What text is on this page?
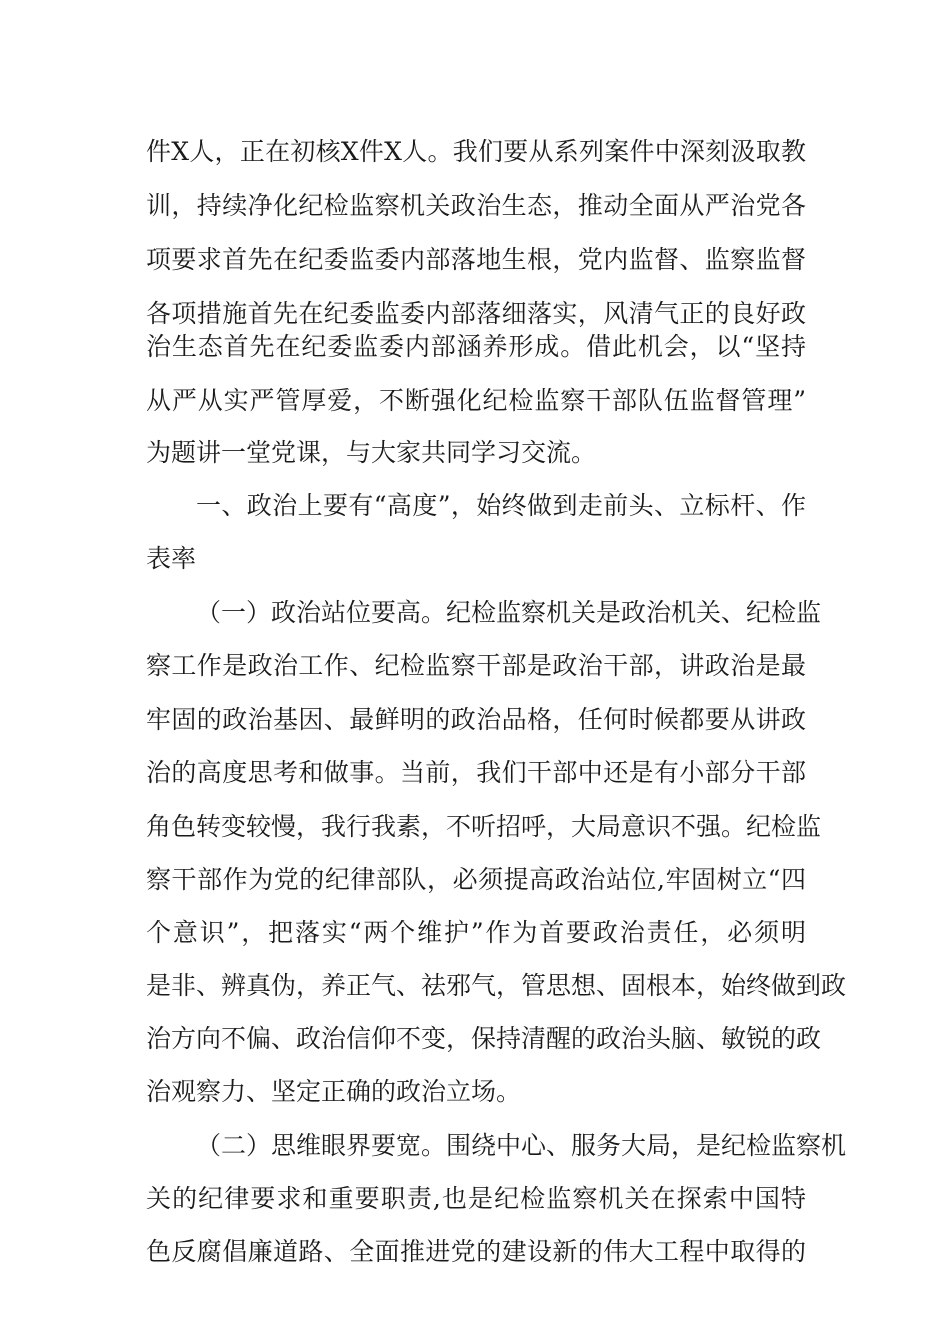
件X人，正在初核X件X人。我们要从系列案件中深刻汲取教
训，持续净化纪检监察机关政治生态，推动全面从严治党各
项要求首先在纪委监委内部落地生根，党内监督、监察监督
各项措施首先在纪委监委内部落细落实，风清气正的良好政
治生态首先在纪委监委内部涵养形成。借此机会，以“坚持
从严从实严管厚爱，不断强化纪检监察干部队伍监督管理”
为题讲一堂党课，与大家共同学习交流。
一、政治上要有“高度”，始终做到走前头、立标杆、作
表率
（一）政治站位要高。纪检监察机关是政治机关、纪检监
察工作是政治工作、纪检监察干部是政治干部，讲政治是最
牢固的政治基因、最鲜明的政治品格，任何时候都要从讲政
治的高度思考和做事。当前，我们干部中还是有小部分干部
角色转变较慢，我行我素，不听招呼，大局意识不强。纪检监
察干部作为党的纪律部队，必须提高政治站位,牢固树立“四
个意识”，把落实“两个维护”作为首要政治责任，必须明
是非、辨真伪，养正气、祛邪气，管思想、固根本，始终做到政
治方向不偏、政治信仰不变，保持清醒的政治头脑、敏锐的政
治观察力、坚定正确的政治立场。
（二）思维眼界要宽。围绕中心、服务大局，是纪检监察机
关的纪律要求和重要职责,也是纪检监察机关在探索中国特
色反腐倡廉道路、全面推进党的建设新的伟大工程中取得的
